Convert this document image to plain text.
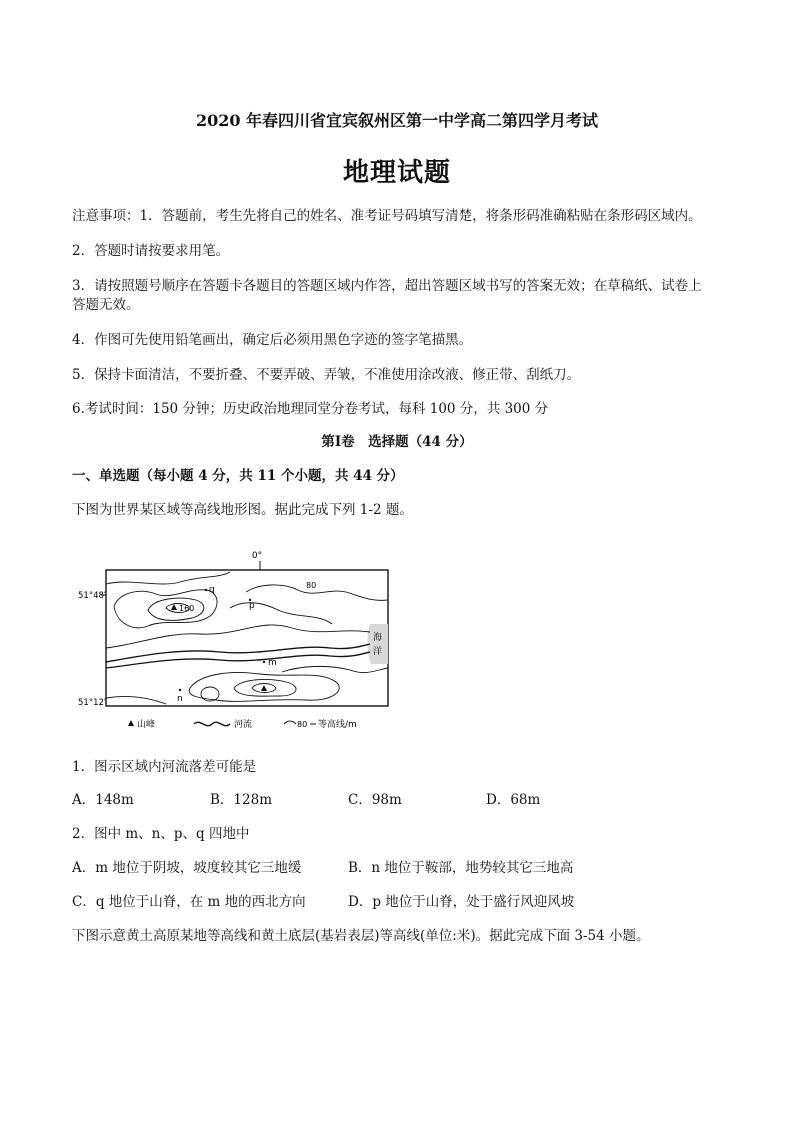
2020 年春四川省宜宾叙州区第一中学高二第四学月考试
地理试题
注意事项：1．答题前，考生先将自己的姓名、准考证号码填写清楚，将条形码准确粘贴在条形码区域内。
2．答题时请按要求用笔。
3．请按照题号顺序在答题卡各题目的答题区域内作答，超出答题区域书写的答案无效；在草稿纸、试卷上
答题无效。
4．作图可先使用铅笔画出，确定后必须用黑色字迹的签字笔描黑。
5．保持卡面清洁，不要折叠、不要弄破、弄皱，不准使用涂改液、修正带、刮纸刀。
6.考试时间：150 分钟；历史政治地理同堂分卷考试，每科 100 分，共 300 分
第Ⅰ卷　选择题（44 分）
一、单选题（每小题 4 分，共 11 个小题，共 44 分）
下图为世界某区域等高线地形图。据此完成下列 1-2 题。
0°
51°48′
51°12′
海
洋
80
160
q
p
m
n
山峰	河流	80 等高线/m
1．图示区域内河流落差可能是
A．148m	B．128m	C．98m	D．68m
2．图中 m、n、p、q 四地中
A．m 地位于阴坡，坡度较其它三地缓	B．n 地位于鞍部，地势较其它三地高
C．q 地位于山脊，在 m 地的西北方向	D．p 地位于山脊，处于盛行风迎风坡
下图示意黄土高原某地等高线和黄土底层(基岩表层)等高线(单位:米)。据此完成下面 3-54 小题。
